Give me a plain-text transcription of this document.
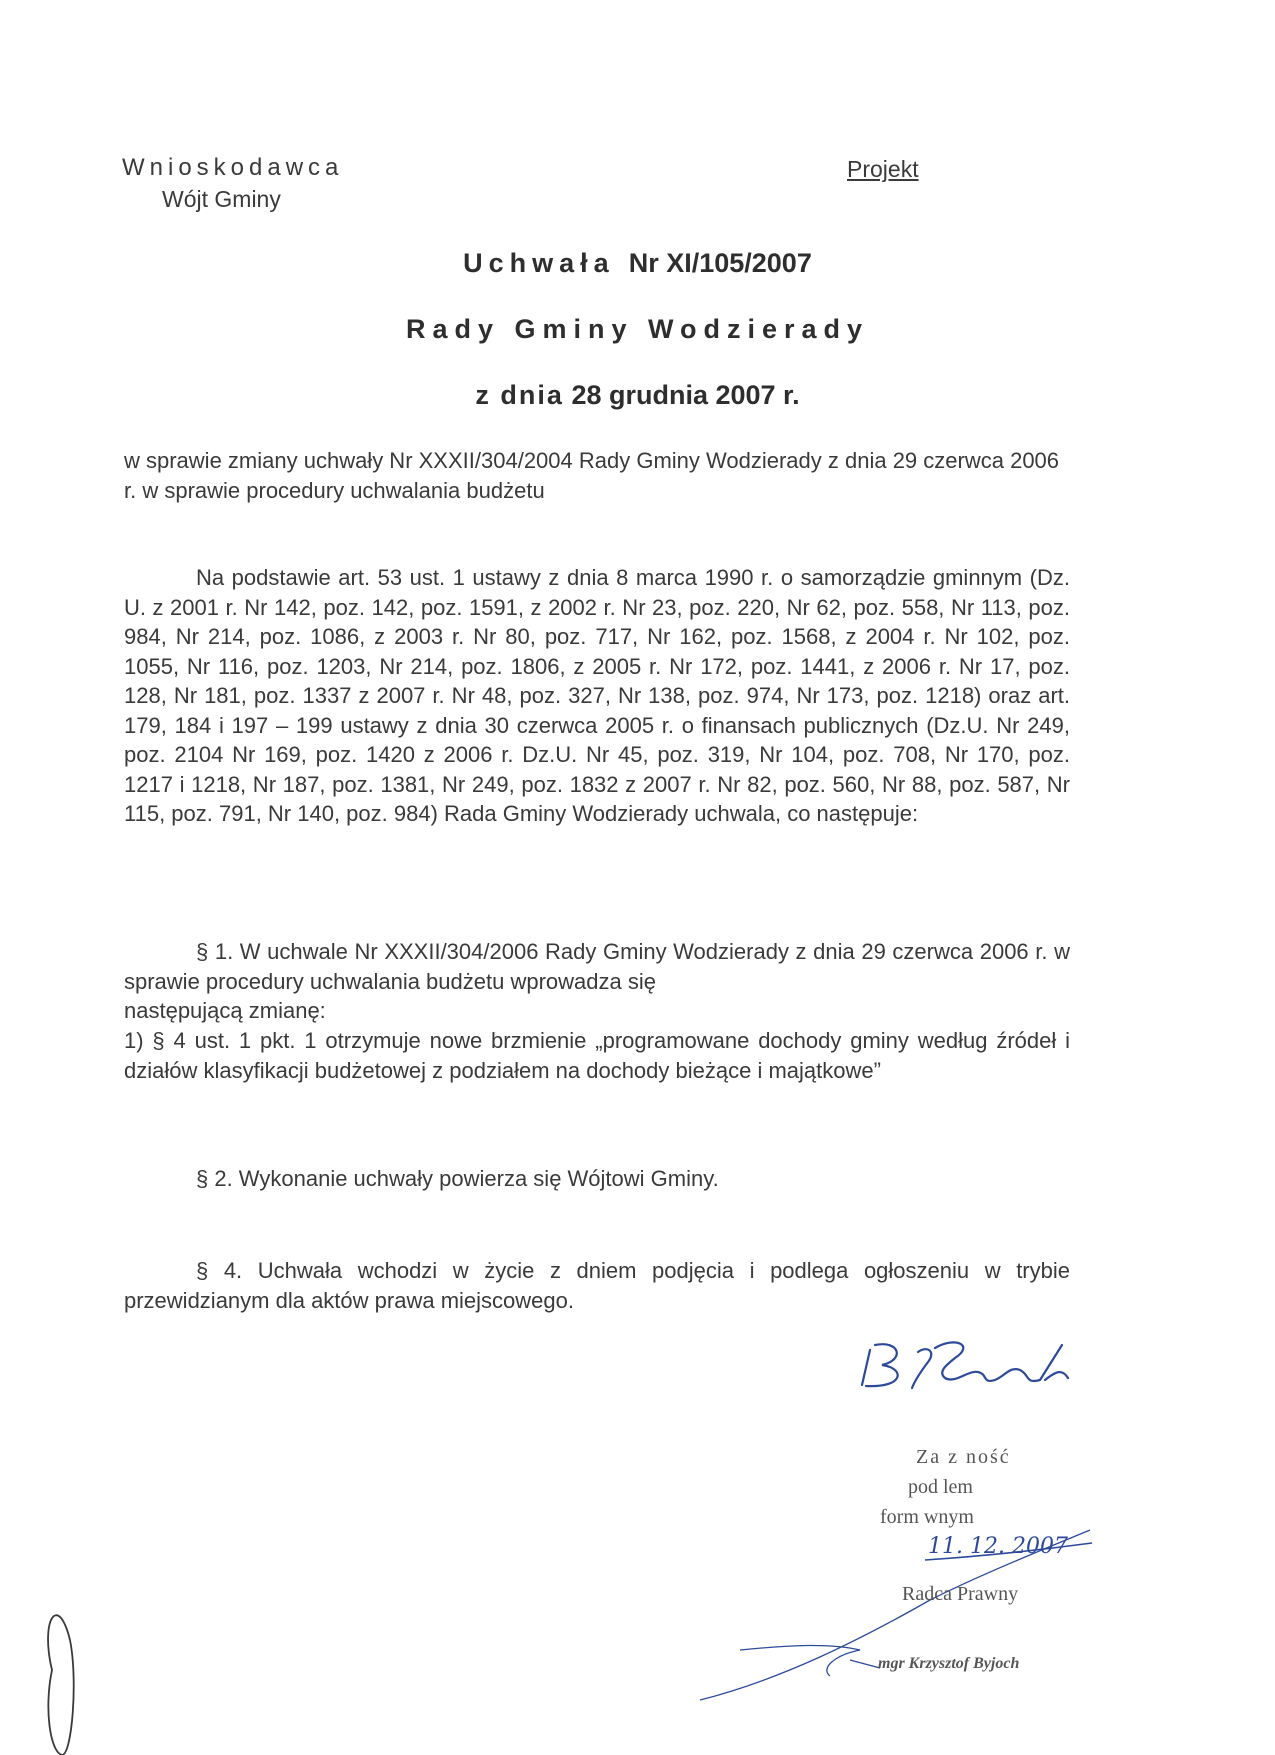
Wnioskodawca

Wójt Gminy

Projekt

Uchwała Nr XI/105/2007
Rady Gminy Wodzierady
z dnia 28 grudnia 2007 r.

w sprawie zmiany uchwały Nr XXXII/304/2004 Rady Gminy Wodzierady z dnia 29 czerwca 2006 r. w sprawie procedury uchwalania budżetu

Na podstawie art. 53 ust. 1 ustawy z dnia 8 marca 1990 r. o samorządzie gminnym (Dz. U. z 2001 r. Nr 142, poz. 142, poz. 1591, z 2002 r. Nr 23, poz. 220, Nr 62, poz. 558, Nr 113, poz. 984, Nr 214, poz. 1086, z 2003 r. Nr 80, poz. 717, Nr 162, poz. 1568, z 2004 r. Nr 102, poz. 1055, Nr 116, poz. 1203, Nr 214, poz. 1806, z 2005 r. Nr 172, poz. 1441, z 2006 r. Nr 17, poz. 128, Nr 181, poz. 1337 z 2007 r. Nr 48, poz. 327, Nr 138, poz. 974, Nr 173, poz. 1218) oraz art. 179, 184 i 197 – 199 ustawy z dnia 30 czerwca 2005 r. o finansach publicznych (Dz.U. Nr 249, poz. 2104 Nr 169, poz. 1420 z 2006 r. Dz.U. Nr 45, poz. 319, Nr 104, poz. 708, Nr 170, poz. 1217 i 1218, Nr 187, poz. 1381, Nr 249, poz. 1832 z 2007 r. Nr 82, poz. 560, Nr 88, poz. 587, Nr 115, poz. 791, Nr 140, poz. 984) Rada Gminy Wodzierady uchwala, co następuje:

§ 1. W uchwale Nr XXXII/304/2006 Rady Gminy Wodzierady z dnia 29 czerwca 2006 r. w sprawie procedury uchwalania budżetu wprowadza się

następującą zmianę:

1) § 4 ust. 1 pkt. 1 otrzymuje nowe brzmienie „programowane dochody gminy według źródeł i działów klasyfikacji budżetowej z podziałem na dochody bieżące i majątkowe”

§ 2. Wykonanie uchwały powierza się Wójtowi Gminy.

§ 4. Uchwała wchodzi w życie z dniem podjęcia i podlega ogłoszeniu w trybie przewidzianym dla aktów prawa miejscowego.

Za z ność
pod lem
form wnym
11. 12. 2007
Radca Prawny
mgr Krzysztof Byjoch
